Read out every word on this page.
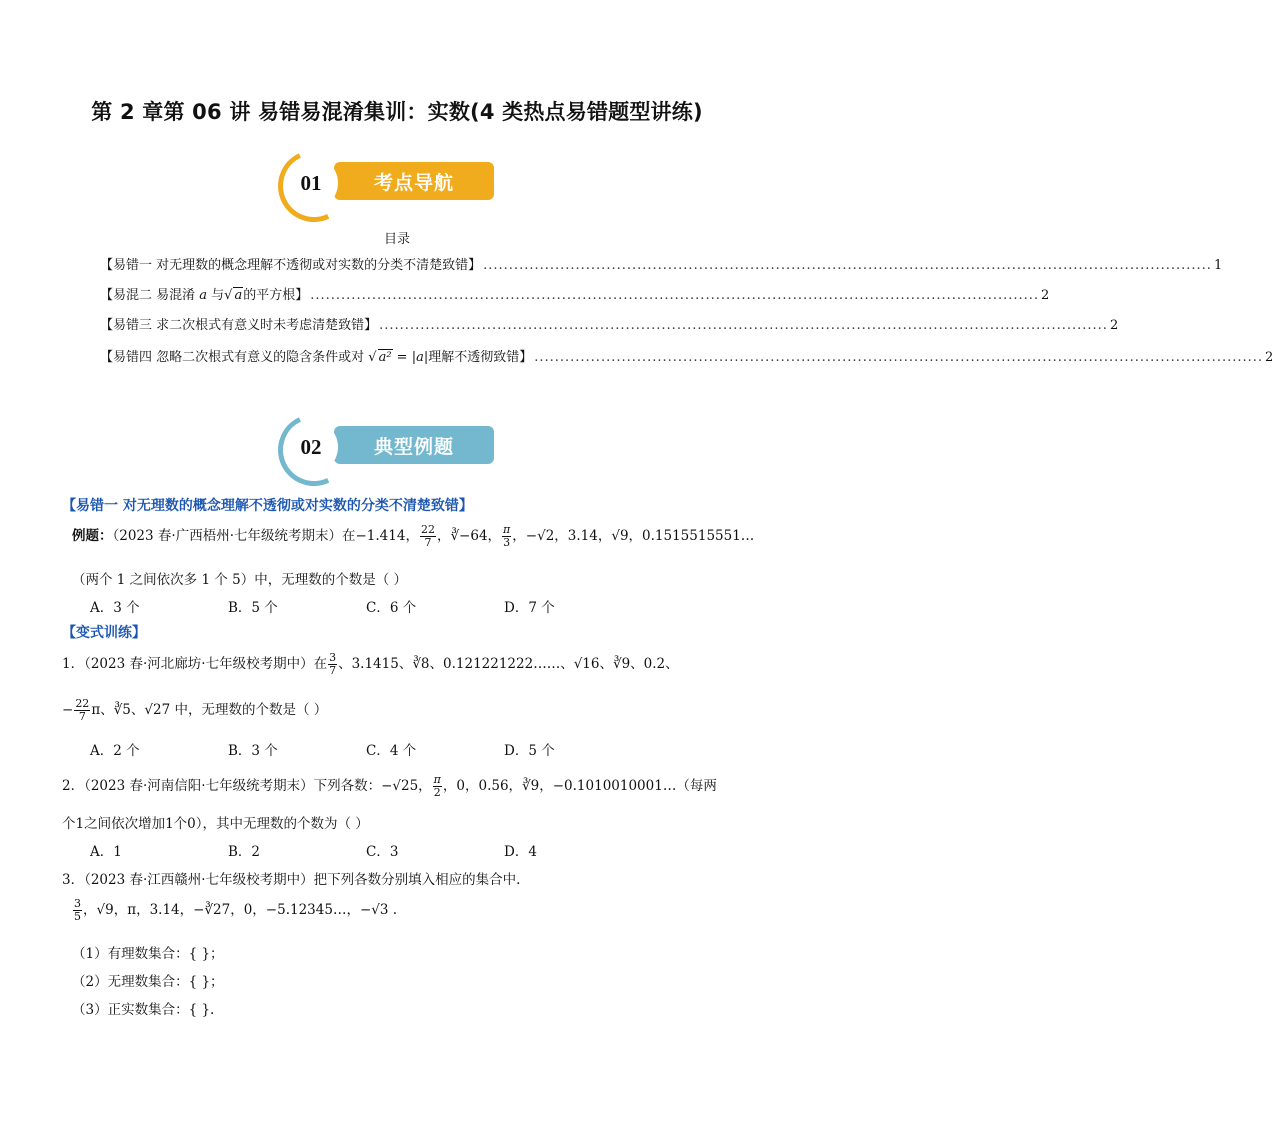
第 2 章第 06 讲 易错易混淆集训：实数(4 类热点易错题型讲练)
01	考点导航
目录
【易错一 对无理数的概念理解不透彻或对实数的分类不清楚致错】 .............................................................................................................................................. 1
【易混二 易混淆 a 与√ a的平方根】 .............................................................................................................................................. 2
【易错三 求二次根式有意义时未考虑清楚致错】 .............................................................................................................................................. 2
【易错四 忽略二次根式有意义的隐含条件或对 √ a² = |a|理解不透彻致错】 .............................................................................................................................................. 2
02	典型例题
【易错一 对无理数的概念理解不透彻或对实数的分类不清楚致错】
例题：（2023 春·广西梧州·七年级统考期末）在−1.414， $\frac{22}{7}$ ，∛−64， $\frac{\pi}{3}$ ，−√2，3.14，√9，0.1515515551…
（两个 1 之间依次多 1 个 5）中，无理数的个数是（ ）
A．3 个	B．5 个	C．6 个	D．7 个
【变式训练】
1．（2023 春·河北廊坊·七年级校考期中）在 $\frac{3}{7}$ 、3.1415、∛8、0.121221222……、√16、∛9、0.2、
− $\frac{22}{7}$ π、∛5、√27 中，无理数的个数是（ ）
A．2 个	B．3 个	C．4 个	D．5 个
2．（2023 春·河南信阳·七年级统考期末）下列各数：−√25， $\frac{\pi}{2}$ ，0，0.56，∛9，−0.1010010001…（每两
个1之间依次增加1个0），其中无理数的个数为（ ）
A．1	B．2	C．3	D．4
3．（2023 春·江西赣州·七年级校考期中）把下列各数分别填入相应的集合中.
$\frac{3}{5}$ ，√9，π，3.14，−∛27，0，−5.12345…，−√3 .
（1）有理数集合：{ }；
（2）无理数集合：{ }；
（3）正实数集合：{ }.
